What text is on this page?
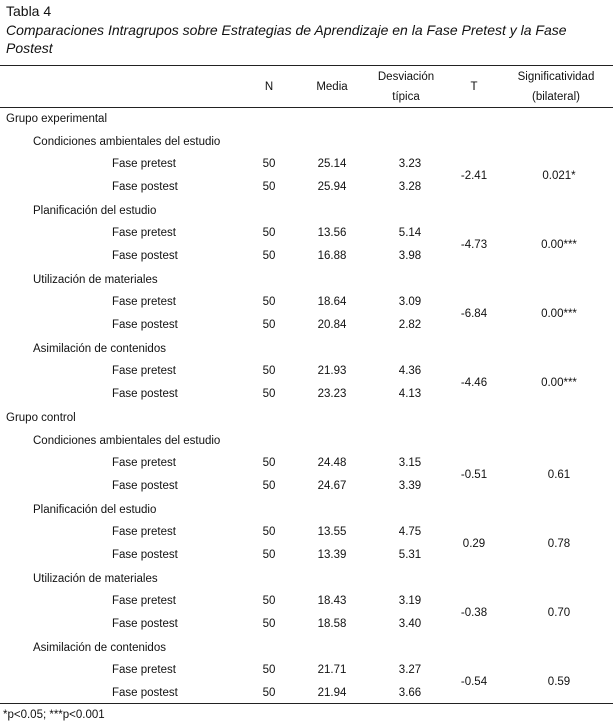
Tabla 4
Comparaciones Intragrupos sobre Estrategias de Aprendizaje en la Fase Pretest y la Fase Postest
N	Media
Desviación
típica
T
Significatividad
(bilateral)
Grupo experimental
Condiciones ambientales del estudio
Fase pretest	50	25.14	3.23
Fase postest	50	25.94	3.28
-2.41	0.021*
Planificación del estudio
Fase pretest	50	13.56	5.14
Fase postest	50	16.88	3.98
-4.73	0.00***
Utilización de materiales
Fase pretest	50	18.64	3.09
Fase postest	50	20.84	2.82
-6.84	0.00***
Asimilación de contenidos
Fase pretest	50	21.93	4.36
Fase postest	50	23.23	4.13
-4.46	0.00***
Grupo control
Condiciones ambientales del estudio
Fase pretest	50	24.48	3.15
Fase postest	50	24.67	3.39
-0.51	0.61
Planificación del estudio
Fase pretest	50	13.55	4.75
Fase postest	50	13.39	5.31
0.29	0.78
Utilización de materiales
Fase pretest	50	18.43	3.19
Fase postest	50	18.58	3.40
-0.38	0.70
Asimilación de contenidos
Fase pretest	50	21.71	3.27
Fase postest	50	21.94	3.66
-0.54	0.59
*p<0.05; ***p<0.001
